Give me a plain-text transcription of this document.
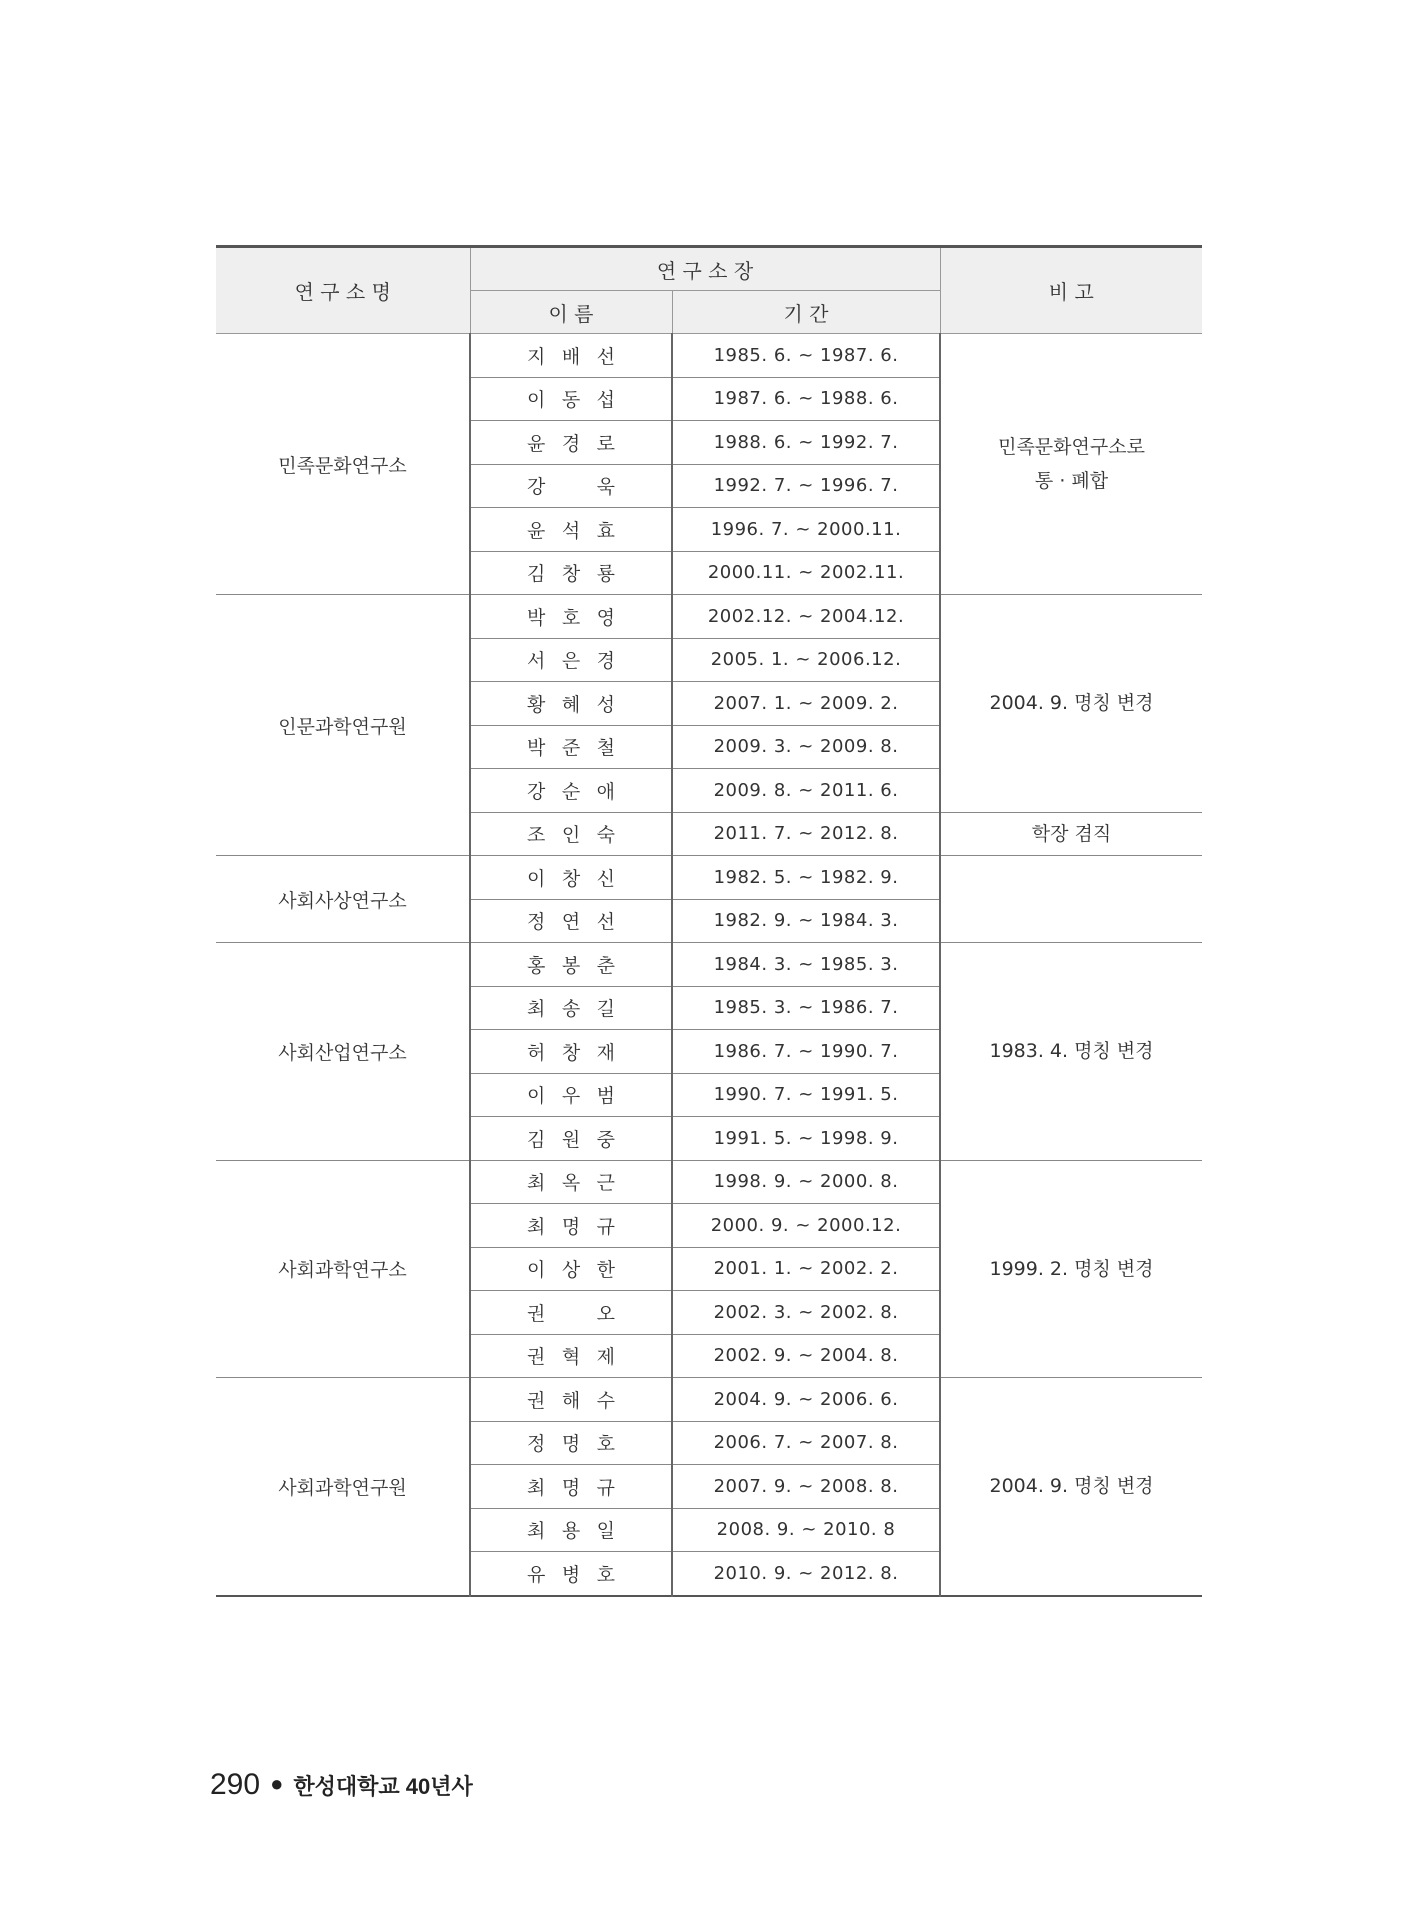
연 구 소 명	연 구 소 장		비 고
	이 름	기 간	
민족문화연구소	지 배 선	1985. 6. ~ 1987. 6.	민족문화연구소로
통 · 폐합

	이 동 섭	1987. 6. ~ 1988. 6.	

	윤 경 로	1988. 6. ~ 1992. 7.	

	강 욱	1992. 7. ~ 1996. 7.	

	윤 석 효	1996. 7. ~ 2000.11.	

	김 창 룡	2000.11. ~ 2002.11.	
인문과학연구원	박 호 영	2002.12. ~ 2004.12.	2004. 9. 명칭 변경

	서 은 경	2005. 1. ~ 2006.12.	

	황 혜 성	2007. 1. ~ 2009. 2.	

	박 준 철	2009. 3. ~ 2009. 8.	

	강 순 애	2009. 8. ~ 2011. 6.	

	조 인 숙	2011. 7. ~ 2012. 8.	학장 겸직
사회사상연구소	이 창 신	1982. 5. ~ 1982. 9.	

	정 연 선	1982. 9. ~ 1984. 3.	
사회산업연구소	홍 봉 춘	1984. 3. ~ 1985. 3.	1983. 4. 명칭 변경

	최 송 길	1985. 3. ~ 1986. 7.	

	허 창 재	1986. 7. ~ 1990. 7.	

	이 우 범	1990. 7. ~ 1991. 5.	

	김 원 중	1991. 5. ~ 1998. 9.	
사회과학연구소	최 옥 근	1998. 9. ~ 2000. 8.	1999. 2. 명칭 변경

	최 명 규	2000. 9. ~ 2000.12.	

	이 상 한	2001. 1. ~ 2002. 2.	

	권 오	2002. 3. ~ 2002. 8.	

	권 혁 제	2002. 9. ~ 2004. 8.	
사회과학연구원	권 해 수	2004. 9. ~ 2006. 6.	2004. 9. 명칭 변경

	정 명 호	2006. 7. ~ 2007. 8.	

	최 명 규	2007. 9. ~ 2008. 8.	

	최 용 일	2008. 9. ~ 2010. 8	

	유 병 호	2010. 9. ~ 2012. 8.	
290 ● 한성대학교 40년사
